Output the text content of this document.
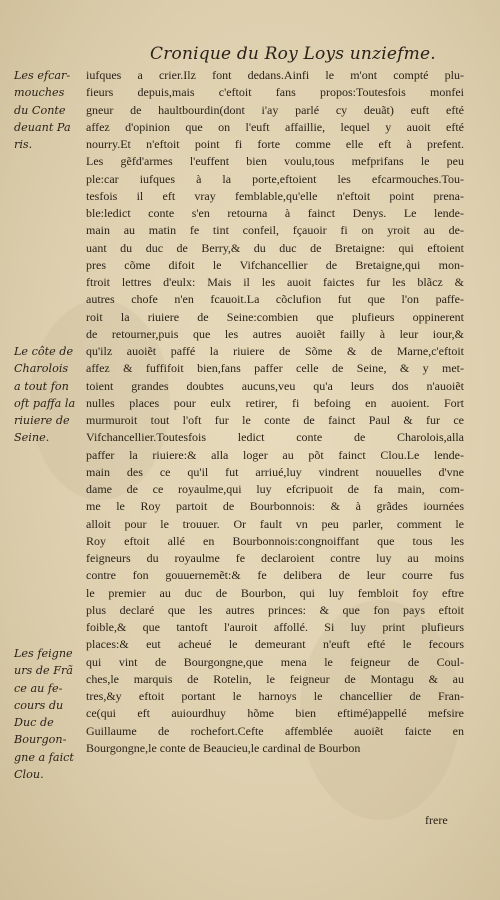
Cronique du Roy Loys unziefme.
Les efcar-
mouches
du Conte
deuant Pa
ris.
Le côte de
Charolois
a tout fon
oft paffa la
riuiere de
Seine.
Les feigne
urs de Frã
ce au fe-
cours du
Duc de
Bourgon-
gne a faict
Clou.
iufques a crier.Ilz font dedans.Ainfi le m'ont compté plu-
fieurs depuis,mais c'eftoit fans propos:Toutesfois monfei
gneur de haultbourdin(dont i'ay parlé cy deuãt) euft efté
affez d'opinion que on l'euft affaillie, lequel y auoit efté
nourry.Et n'eftoit point fi forte comme elle eft à prefent.
Les gẽfd'armes l'euffent bien voulu,tous mefprifans le peu
ple:car iufques à la porte,eftoient les efcarmouches.Tou-
tesfois il eft vray femblable,qu'elle n'eftoit point prena-
ble:ledict conte s'en retourna à fainct Denys. Le lende-
main au matin fe tint confeil, fçauoir fi on yroit au de-
uant du duc de Berry,& du duc de Bretaigne: qui eftoient
pres cõme difoit le Vifchancellier de Bretaigne,qui mon-
ftroit lettres d'eulx: Mais il les auoit faictes fur les blãcz &
autres chofe n'en fcauoit.La cõclufion fut que l'on paffe-
roit la riuiere de Seine:combien que plufieurs oppinerent
de retourner,puis que les autres auoiẽt failly à leur iour,&
qu'ilz auoiẽt paffé la riuiere de Sõme & de Marne,c'eftoit
affez & fuffifoit bien,fans paffer celle de Seine, & y met-
toient grandes doubtes aucuns,veu qu'a leurs dos n'auoiẽt
nulles places pour eulx retirer, fi befoing en auoient. Fort
murmuroit tout l'oft fur le conte de fainct Paul & fur ce
Vifchancellier.Toutesfois ledict conte de Charolois,alla
paffer la riuiere:& alla loger au põt fainct Clou.Le lende-
main des ce qu'il fut arriué,luy vindrent nouuelles d'vne
dame de ce royaulme,qui luy efcripuoit de fa main, com-
me le Roy partoit de Bourbonnois: & à grãdes iournées
alloit pour le trouuer. Or fault vn peu parler, comment le
Roy eftoit allé en Bourbonnois:congnoiffant que tous les
feigneurs du royaulme fe declaroient contre luy au moins
contre fon gouuernemẽt:& fe delibera de leur courre fus
le premier au duc de Bourbon, qui luy fembloit foy eftre
plus declaré que les autres princes: & que fon pays eftoit
foible,& que tantoft l'auroit affollé. Si luy print plufieurs
places:& eut acheué le demeurant n'euft efté le fecours
qui vint de Bourgongne,que mena le feigneur de Coul-
ches,le marquis de Rotelin, le feigneur de Montagu & au
tres,&y eftoit portant le harnoys le chancellier de Fran-
ce(qui eft auiourdhuy hõme bien eftimé)appellé mefsire
Guillaume de rochefort.Cefte affemblée auoiẽt faicte en
Bourgongne,le conte de Beaucieu,le cardinal de Bourbon
frere
